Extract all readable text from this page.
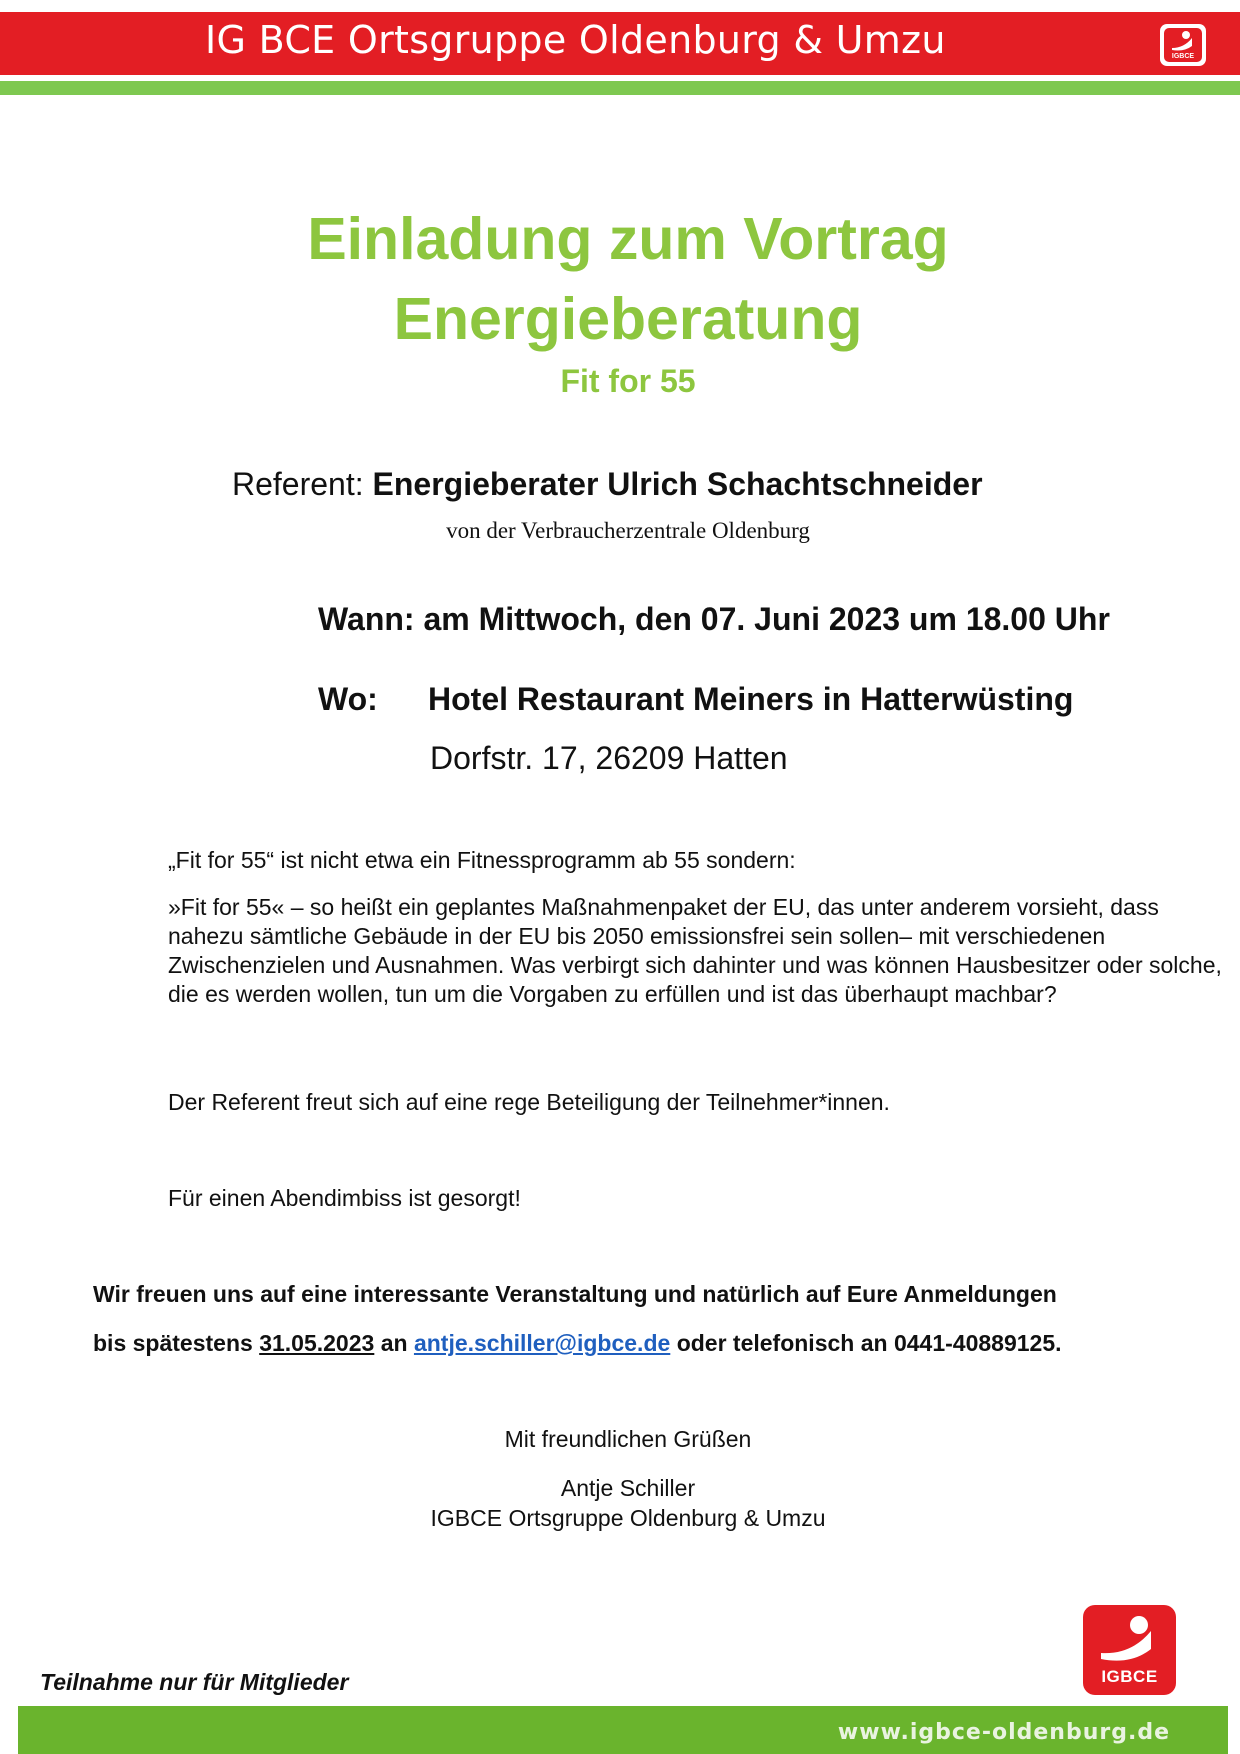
IG BCE Ortsgruppe Oldenburg & Umzu	IGBCE
Einladung zum Vortrag
Energieberatung
Fit for 55
Referent: Energieberater Ulrich Schachtschneider
von der Verbraucherzentrale Oldenburg
Wann: am Mittwoch, den 07. Juni 2023 um 18.00 Uhr
Wo: Hotel Restaurant Meiners in Hatterwüsting
Dorfstr. 17, 26209 Hatten
„Fit for 55“ ist nicht etwa ein Fitnessprogramm ab 55 sondern:
»Fit for 55« – so heißt ein geplantes Maßnahmenpaket der EU, das unter anderem vorsieht, dass nahezu sämtliche Gebäude in der EU bis 2050 emissionsfrei sein sollen– mit verschiedenen Zwischenzielen und Ausnahmen. Was verbirgt sich dahinter und was können Hausbesitzer oder solche, die es werden wollen, tun um die Vorgaben zu erfüllen und ist das überhaupt machbar?
Der Referent freut sich auf eine rege Beteiligung der Teilnehmer*innen.
Für einen Abendimbiss ist gesorgt!
Wir freuen uns auf eine interessante Veranstaltung und natürlich auf Eure Anmeldungen
bis spätestens 31.05.2023 an antje.schiller@igbce.de oder telefonisch an 0441-40889125.
Mit freundlichen Grüßen
Antje Schiller
IGBCE Ortsgruppe Oldenburg & Umzu
Teilnahme nur für Mitglieder	IGBCE
www.igbce-oldenburg.de
